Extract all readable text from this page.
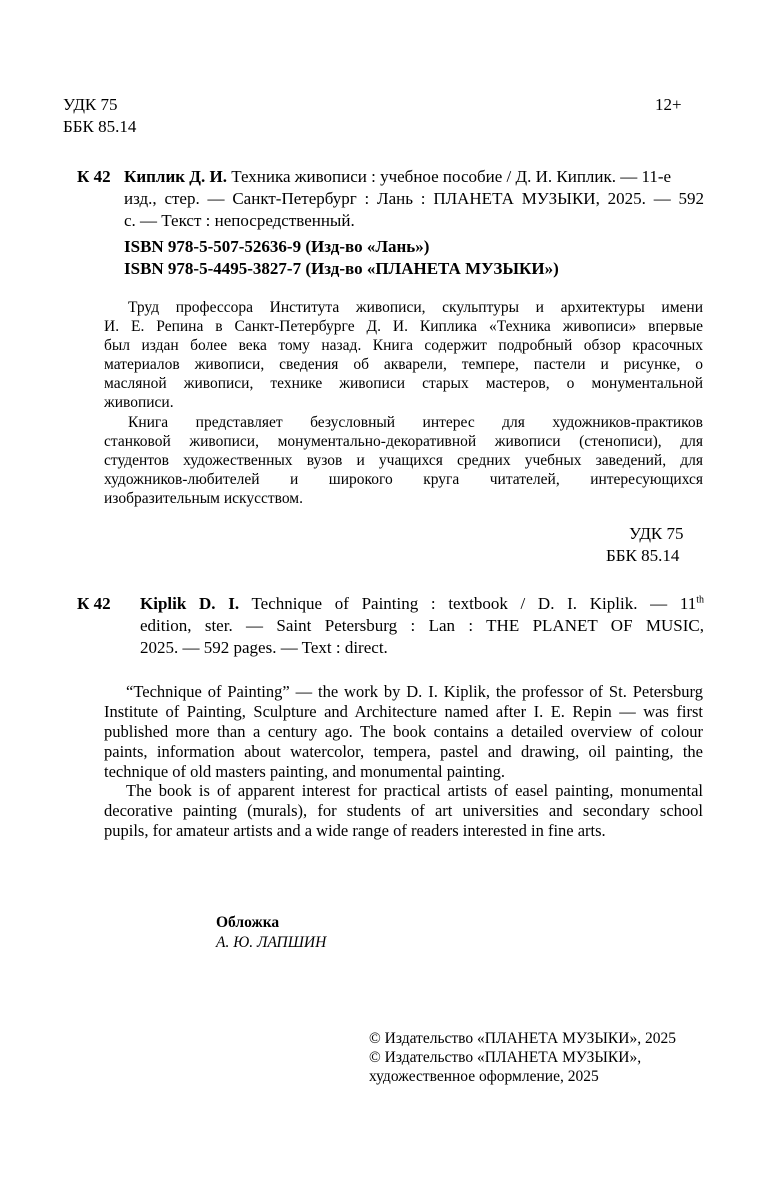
УДК 75
ББК 85.14
12+
К 42 Киплик Д. И. Техника живописи : учебное пособие / Д. И. Киплик. — 11-е
изд., стер. — Санкт-Петербург : Лань : ПЛАНЕТА МУЗЫКИ, 2025. — 592
с. — Текст : непосредственный.
ISBN 978-5-507-52636-9 (Изд-во «Лань»)
ISBN 978-5-4495-3827-7 (Изд-во «ПЛАНЕТА МУЗЫКИ»)
Труд профессора Института живописи, скульптуры и архитектуры имени
И. Е. Репина в Санкт-Петербурге Д. И. Киплика «Техника живописи» впервые
был издан более века тому назад. Книга содержит подробный обзор красочных
материалов живописи, сведения об акварели, темпере, пастели и рисунке, о
масляной живописи, технике живописи старых мастеров, о монументальной
живописи.
Книга представляет безусловный интерес для художников-практиков
станковой живописи, монументально-декоративной живописи (стенописи), для
студентов художественных вузов и учащихся средних учебных заведений, для
художников-любителей и широкого круга читателей, интересующихся
изобразительным искусством.
УДК 75
ББК 85.14
К 42 Kiplik D. I. Technique of Painting : textbook / D. I. Kiplik. — 11th
edition, ster. — Saint Petersburg : Lan : THE PLANET OF MUSIC,
2025. — 592 pages. — Text : direct.
“Technique of Painting” — the work by D. I. Kiplik, the professor of St. Petersburg
Institute of Painting, Sculpture and Architecture named after I. E. Repin — was first
published more than a century ago. The book contains a detailed overview of colour
paints, information about watercolor, tempera, pastel and drawing, oil painting, the
technique of old masters painting, and monumental painting.
The book is of apparent interest for practical artists of easel painting, monumental
decorative painting (murals), for students of art universities and secondary school
pupils, for amateur artists and a wide range of readers interested in fine arts.
Обложка
А. Ю. ЛАПШИН
© Издательство «ПЛАНЕТА МУЗЫКИ», 2025
© Издательство «ПЛАНЕТА МУЗЫКИ»,
художественное оформление, 2025
